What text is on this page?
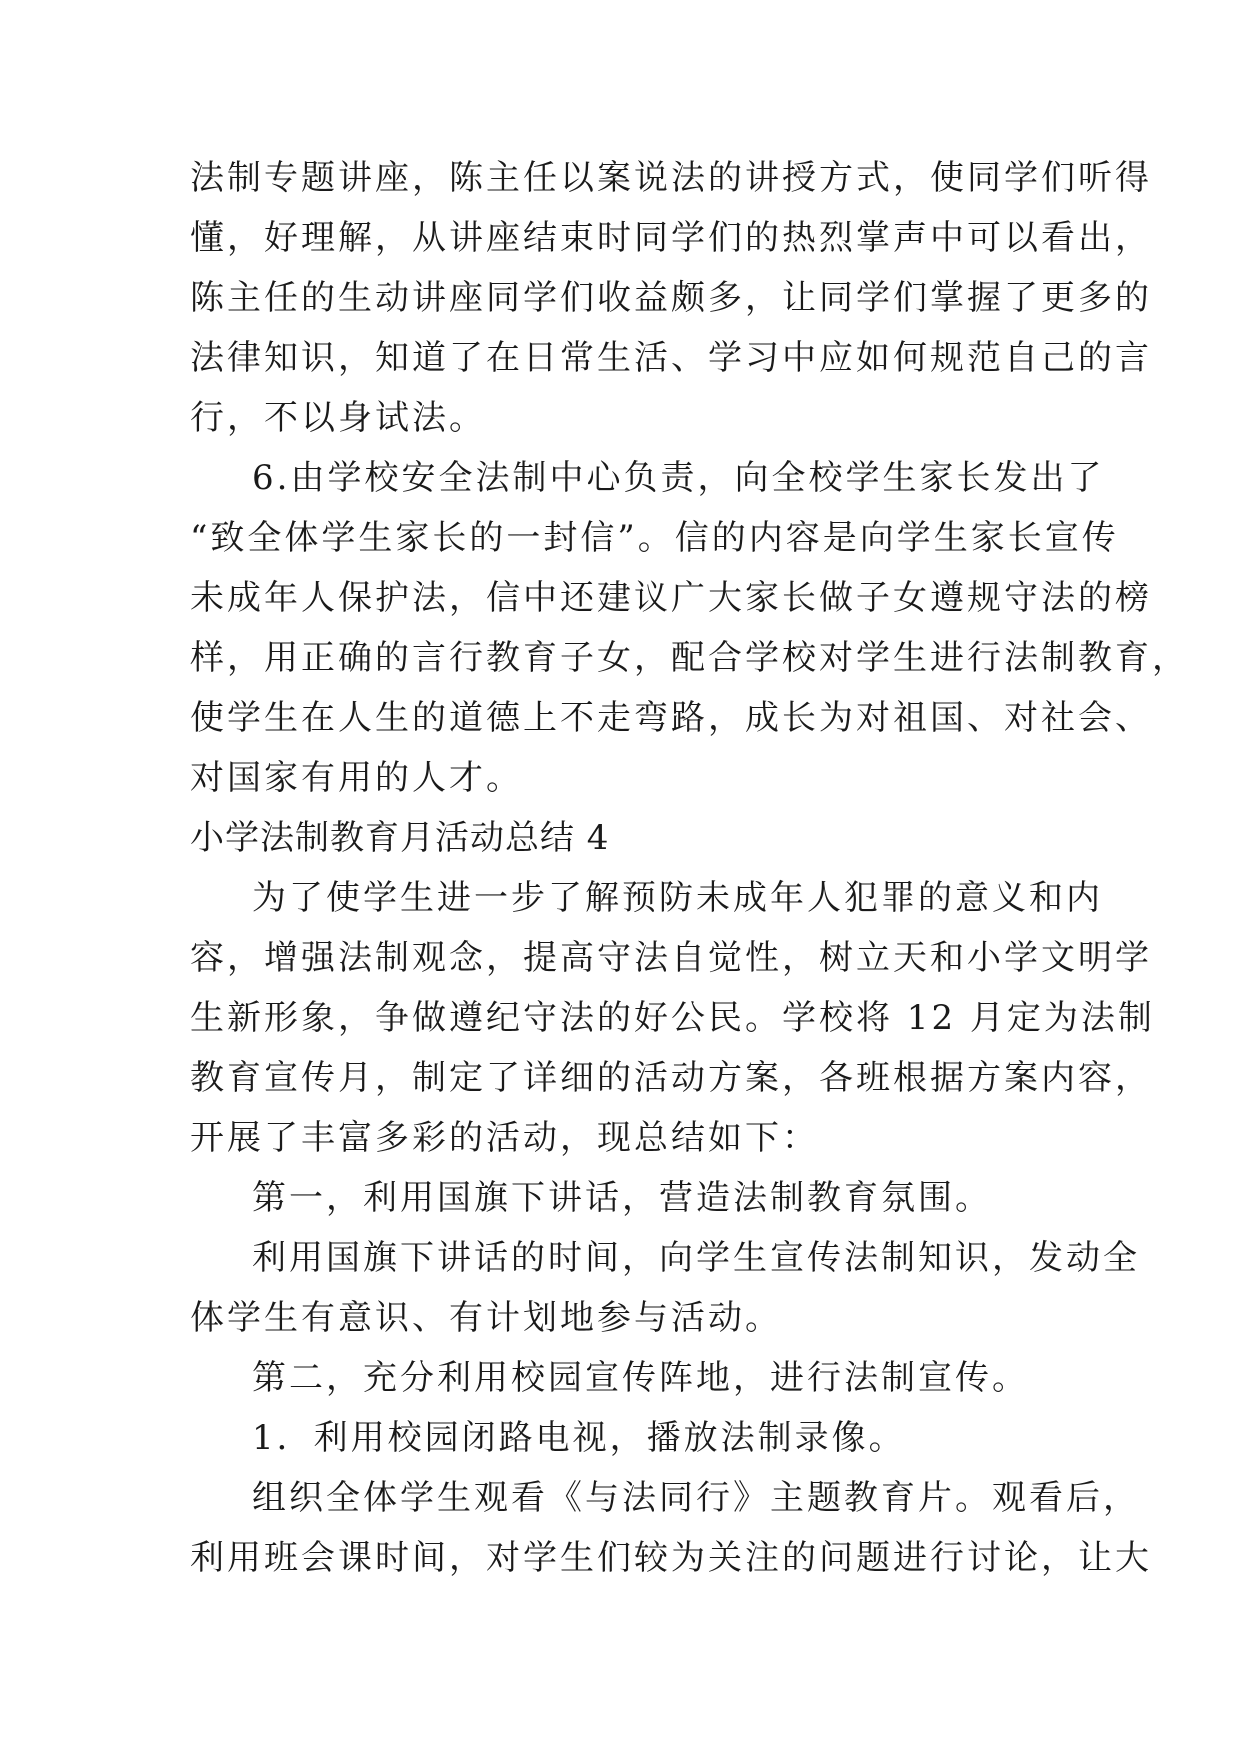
法制专题讲座，陈主任以案说法的讲授方式，使同学们听得
懂，好理解，从讲座结束时同学们的热烈掌声中可以看出，
陈主任的生动讲座同学们收益颇多，让同学们掌握了更多的
法律知识，知道了在日常生活、学习中应如何规范自己的言
行，不以身试法。
6.由学校安全法制中心负责，向全校学生家长发出了
“致全体学生家长的一封信”。信的内容是向学生家长宣传
未成年人保护法，信中还建议广大家长做子女遵规守法的榜
样，用正确的言行教育子女，配合学校对学生进行法制教育，
使学生在人生的道德上不走弯路，成长为对祖国、对社会、
对国家有用的人才。
小学法制教育月活动总结 4
为了使学生进一步了解预防未成年人犯罪的意义和内
容，增强法制观念，提高守法自觉性，树立天和小学文明学
生新形象，争做遵纪守法的好公民。学校将 12 月定为法制
教育宣传月，制定了详细的活动方案，各班根据方案内容，
开展了丰富多彩的活动，现总结如下：
第一，利用国旗下讲话，营造法制教育氛围。
利用国旗下讲话的时间，向学生宣传法制知识，发动全
体学生有意识、有计划地参与活动。
第二，充分利用校园宣传阵地，进行法制宣传。
1．利用校园闭路电视，播放法制录像。
组织全体学生观看《与法同行》主题教育片。观看后，
利用班会课时间，对学生们较为关注的问题进行讨论，让大
